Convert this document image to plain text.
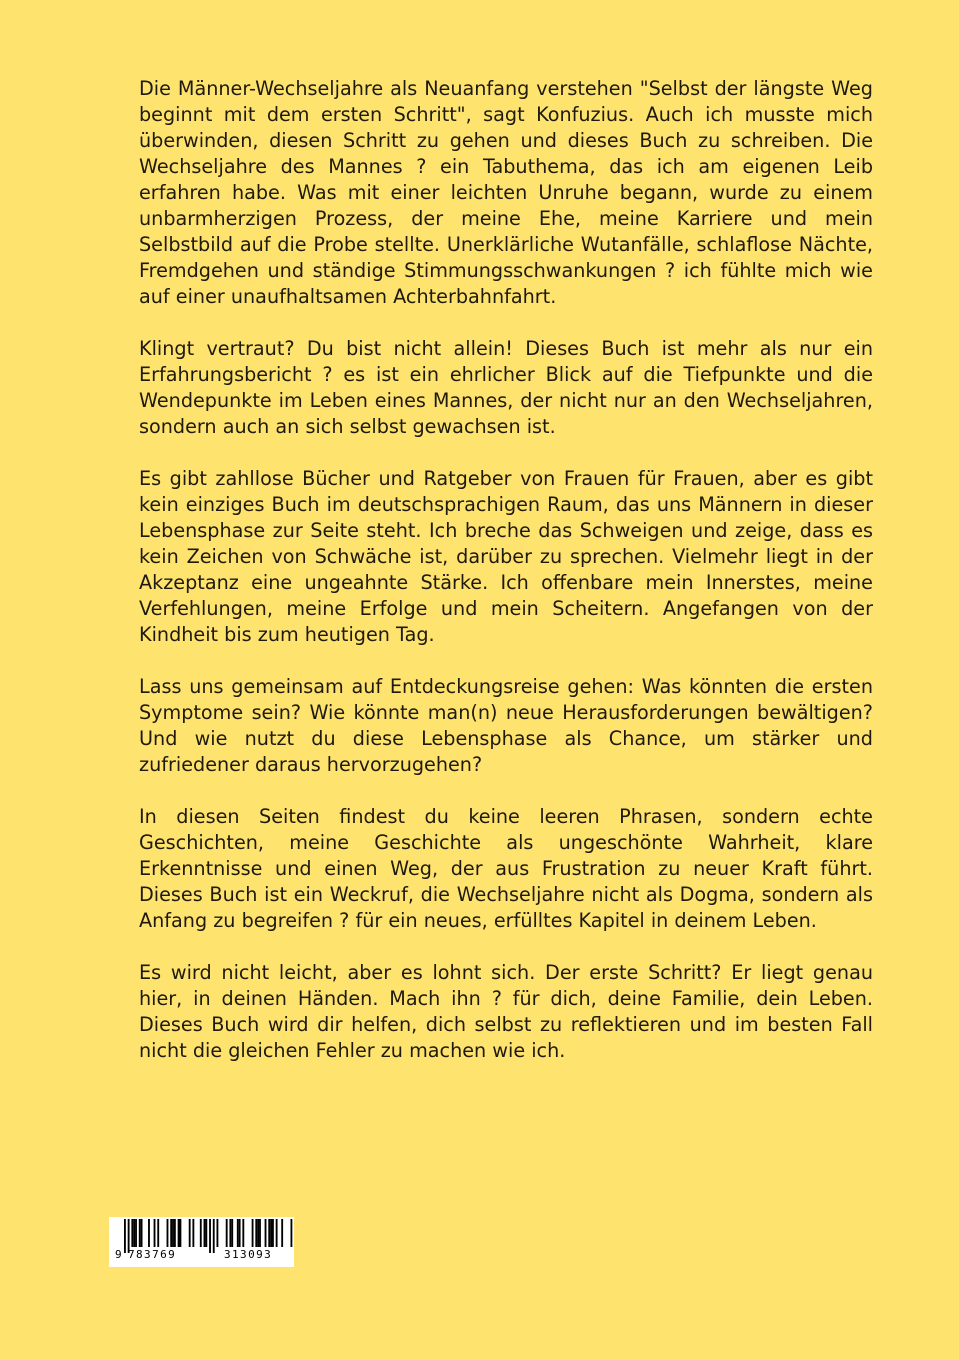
Die Männer-Wechseljahre als Neuanfang verstehen "Selbst der längste Weg beginnt mit dem ersten Schritt", sagt Konfuzius. Auch ich musste mich überwinden, diesen Schritt zu gehen und dieses Buch zu schreiben. Die Wechseljahre des Mannes ? ein Tabuthema, das ich am eigenen Leib erfahren habe. Was mit einer leichten Unruhe begann, wurde zu einem unbarmherzigen Prozess, der meine Ehe, meine Karriere und mein Selbstbild auf die Probe stellte. Unerklärliche Wutanfälle, schlaflose Nächte, Fremdgehen und ständige Stimmungsschwankungen ? ich fühlte mich wie auf einer unaufhaltsamen Achterbahnfahrt.

Klingt vertraut? Du bist nicht allein! Dieses Buch ist mehr als nur ein Erfahrungsbericht ? es ist ein ehrlicher Blick auf die Tiefpunkte und die Wendepunkte im Leben eines Mannes, der nicht nur an den Wechseljahren, sondern auch an sich selbst gewachsen ist.

Es gibt zahllose Bücher und Ratgeber von Frauen für Frauen, aber es gibt kein einziges Buch im deutschsprachigen Raum, das uns Männern in dieser Lebensphase zur Seite steht. Ich breche das Schweigen und zeige, dass es kein Zeichen von Schwäche ist, darüber zu sprechen. Vielmehr liegt in der Akzeptanz eine ungeahnte Stärke. Ich offenbare mein Innerstes, meine Verfehlungen, meine Erfolge und mein Scheitern. Angefangen von der Kindheit bis zum heutigen Tag.

Lass uns gemeinsam auf Entdeckungsreise gehen: Was könnten die ersten Symptome sein? Wie könnte man(n) neue Herausforderungen bewältigen? Und wie nutzt du diese Lebensphase als Chance, um stärker und zufriedener daraus hervorzugehen?

In diesen Seiten findest du keine leeren Phrasen, sondern echte Geschichten, meine Geschichte als ungeschönte Wahrheit, klare Erkenntnisse und einen Weg, der aus Frustration zu neuer Kraft führt. Dieses Buch ist ein Weckruf, die Wechseljahre nicht als Dogma, sondern als Anfang zu begreifen ? für ein neues, erfülltes Kapitel in deinem Leben.

Es wird nicht leicht, aber es lohnt sich. Der erste Schritt? Er liegt genau hier, in deinen Händen. Mach ihn ? für dich, deine Familie, dein Leben. Dieses Buch wird dir helfen, dich selbst zu reflektieren und im besten Fall nicht die gleichen Fehler zu machen wie ich.

9 783769	313093
